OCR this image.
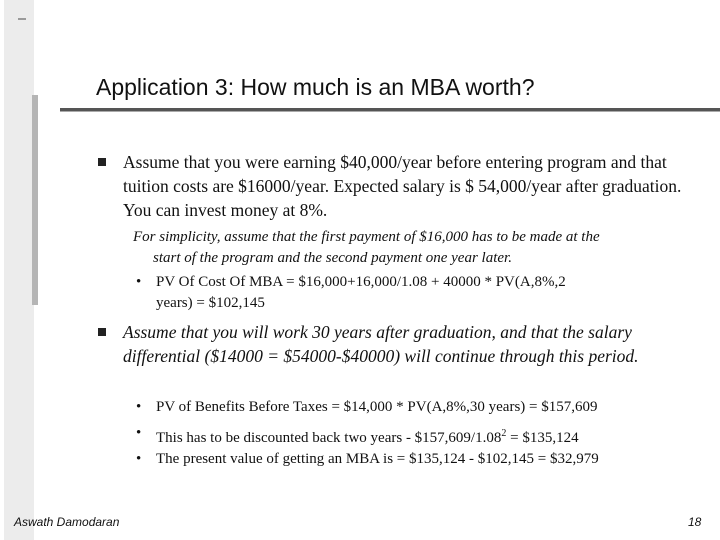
Application 3: How much is an MBA worth?
Assume that you were earning $40,000/year before entering program and that tuition costs are $16000/year. Expected salary is $ 54,000/year after graduation. You can invest money at 8%.
For simplicity, assume that the first payment of $16,000 has to be made at the
start of the program and the second payment one year later.
• PV Of Cost Of MBA = $16,000+16,000/1.08 + 40000 * PV(A,8%,2
years) = $102,145
Assume that you will work 30 years after graduation, and that the salary differential ($14000 = $54000-$40000) will continue through this period.
• PV of Benefits Before Taxes = $14,000 * PV(A,8%,30 years) = $157,609
• This has to be discounted back two years - $\$157,609/1.08^2$ = $135,124
• The present value of getting an MBA is = $135,124 - $102,145 = $32,979
Aswath Damodaran	18
